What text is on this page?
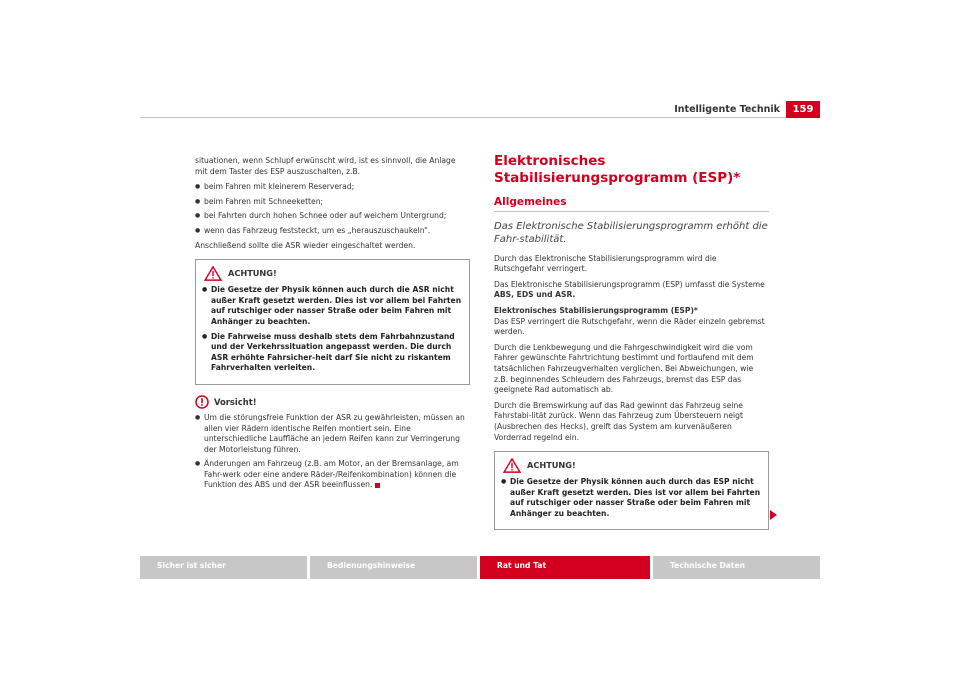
Intelligente Technik	159

situationen, wenn Schlupf erwünscht wird, ist es sinnvoll, die Anlage mit dem Taster des ESP auszuschalten, z.B.

● beim Fahren mit kleinerem Reserverad;
● beim Fahren mit Schneeketten;
● bei Fahrten durch hohen Schnee oder auf weichem Untergrund;
● wenn das Fahrzeug feststeckt, um es „herauszuschaukeln“.

Anschließend sollte die ASR wieder eingeschaltet werden.

ACHTUNG!
● Die Gesetze der Physik können auch durch die ASR nicht außer Kraft gesetzt werden. Dies ist vor allem bei Fahrten auf rutschiger oder nasser Straße oder beim Fahren mit Anhänger zu beachten.
● Die Fahrweise muss deshalb stets dem Fahrbahnzustand und der Verkehrssituation angepasst werden. Die durch ASR erhöhte Fahrsicher-heit darf Sie nicht zu riskantem Fahrverhalten verleiten.
Vorsicht!
● Um die störungsfreie Funktion der ASR zu gewährleisten, müssen an allen vier Rädern identische Reifen montiert sein. Eine unterschiedliche Lauffläche an jedem Reifen kann zur Verringerung der Motorleistung führen.
● Änderungen am Fahrzeug (z.B. am Motor, an der Bremsanlage, am Fahr-werk oder eine andere Räder-/Reifenkombination) können die Funktion des ABS und der ASR beeinflussen.
Elektronisches Stabilisierungsprogramm (ESP)*
Allgemeines
Das Elektronische Stabilisierungsprogramm erhöht die Fahr-stabilität.

Durch das Elektronische Stabilisierungsprogramm wird die Rutschgefahr verringert.

Das Elektronische Stabilisierungsprogramm (ESP) umfasst die Systeme ABS, EDS und ASR.

Elektronisches Stabilisierungsprogramm (ESP)*

Das ESP verringert die Rutschgefahr, wenn die Räder einzeln gebremst werden.

Durch die Lenkbewegung und die Fahrgeschwindigkeit wird die vom Fahrer gewünschte Fahrtrichtung bestimmt und fortlaufend mit dem tatsächlichen Fahrzeugverhalten verglichen. Bei Abweichungen, wie z.B. beginnendes Schleudern des Fahrzeugs, bremst das ESP das geeignete Rad automatisch ab.

Durch die Bremswirkung auf das Rad gewinnt das Fahrzeug seine Fahrstabi-lität zurück. Wenn das Fahrzeug zum Übersteuern neigt (Ausbrechen des Hecks), greift das System am kurvenäußeren Vorderrad regelnd ein.

ACHTUNG!
● Die Gesetze der Physik können auch durch das ESP nicht außer Kraft gesetzt werden. Dies ist vor allem bei Fahrten auf rutschiger oder nasser Straße oder beim Fahren mit Anhänger zu beachten.
Sicher ist sicher	Bedienungshinweise	Rat und Tat	Technische Daten
